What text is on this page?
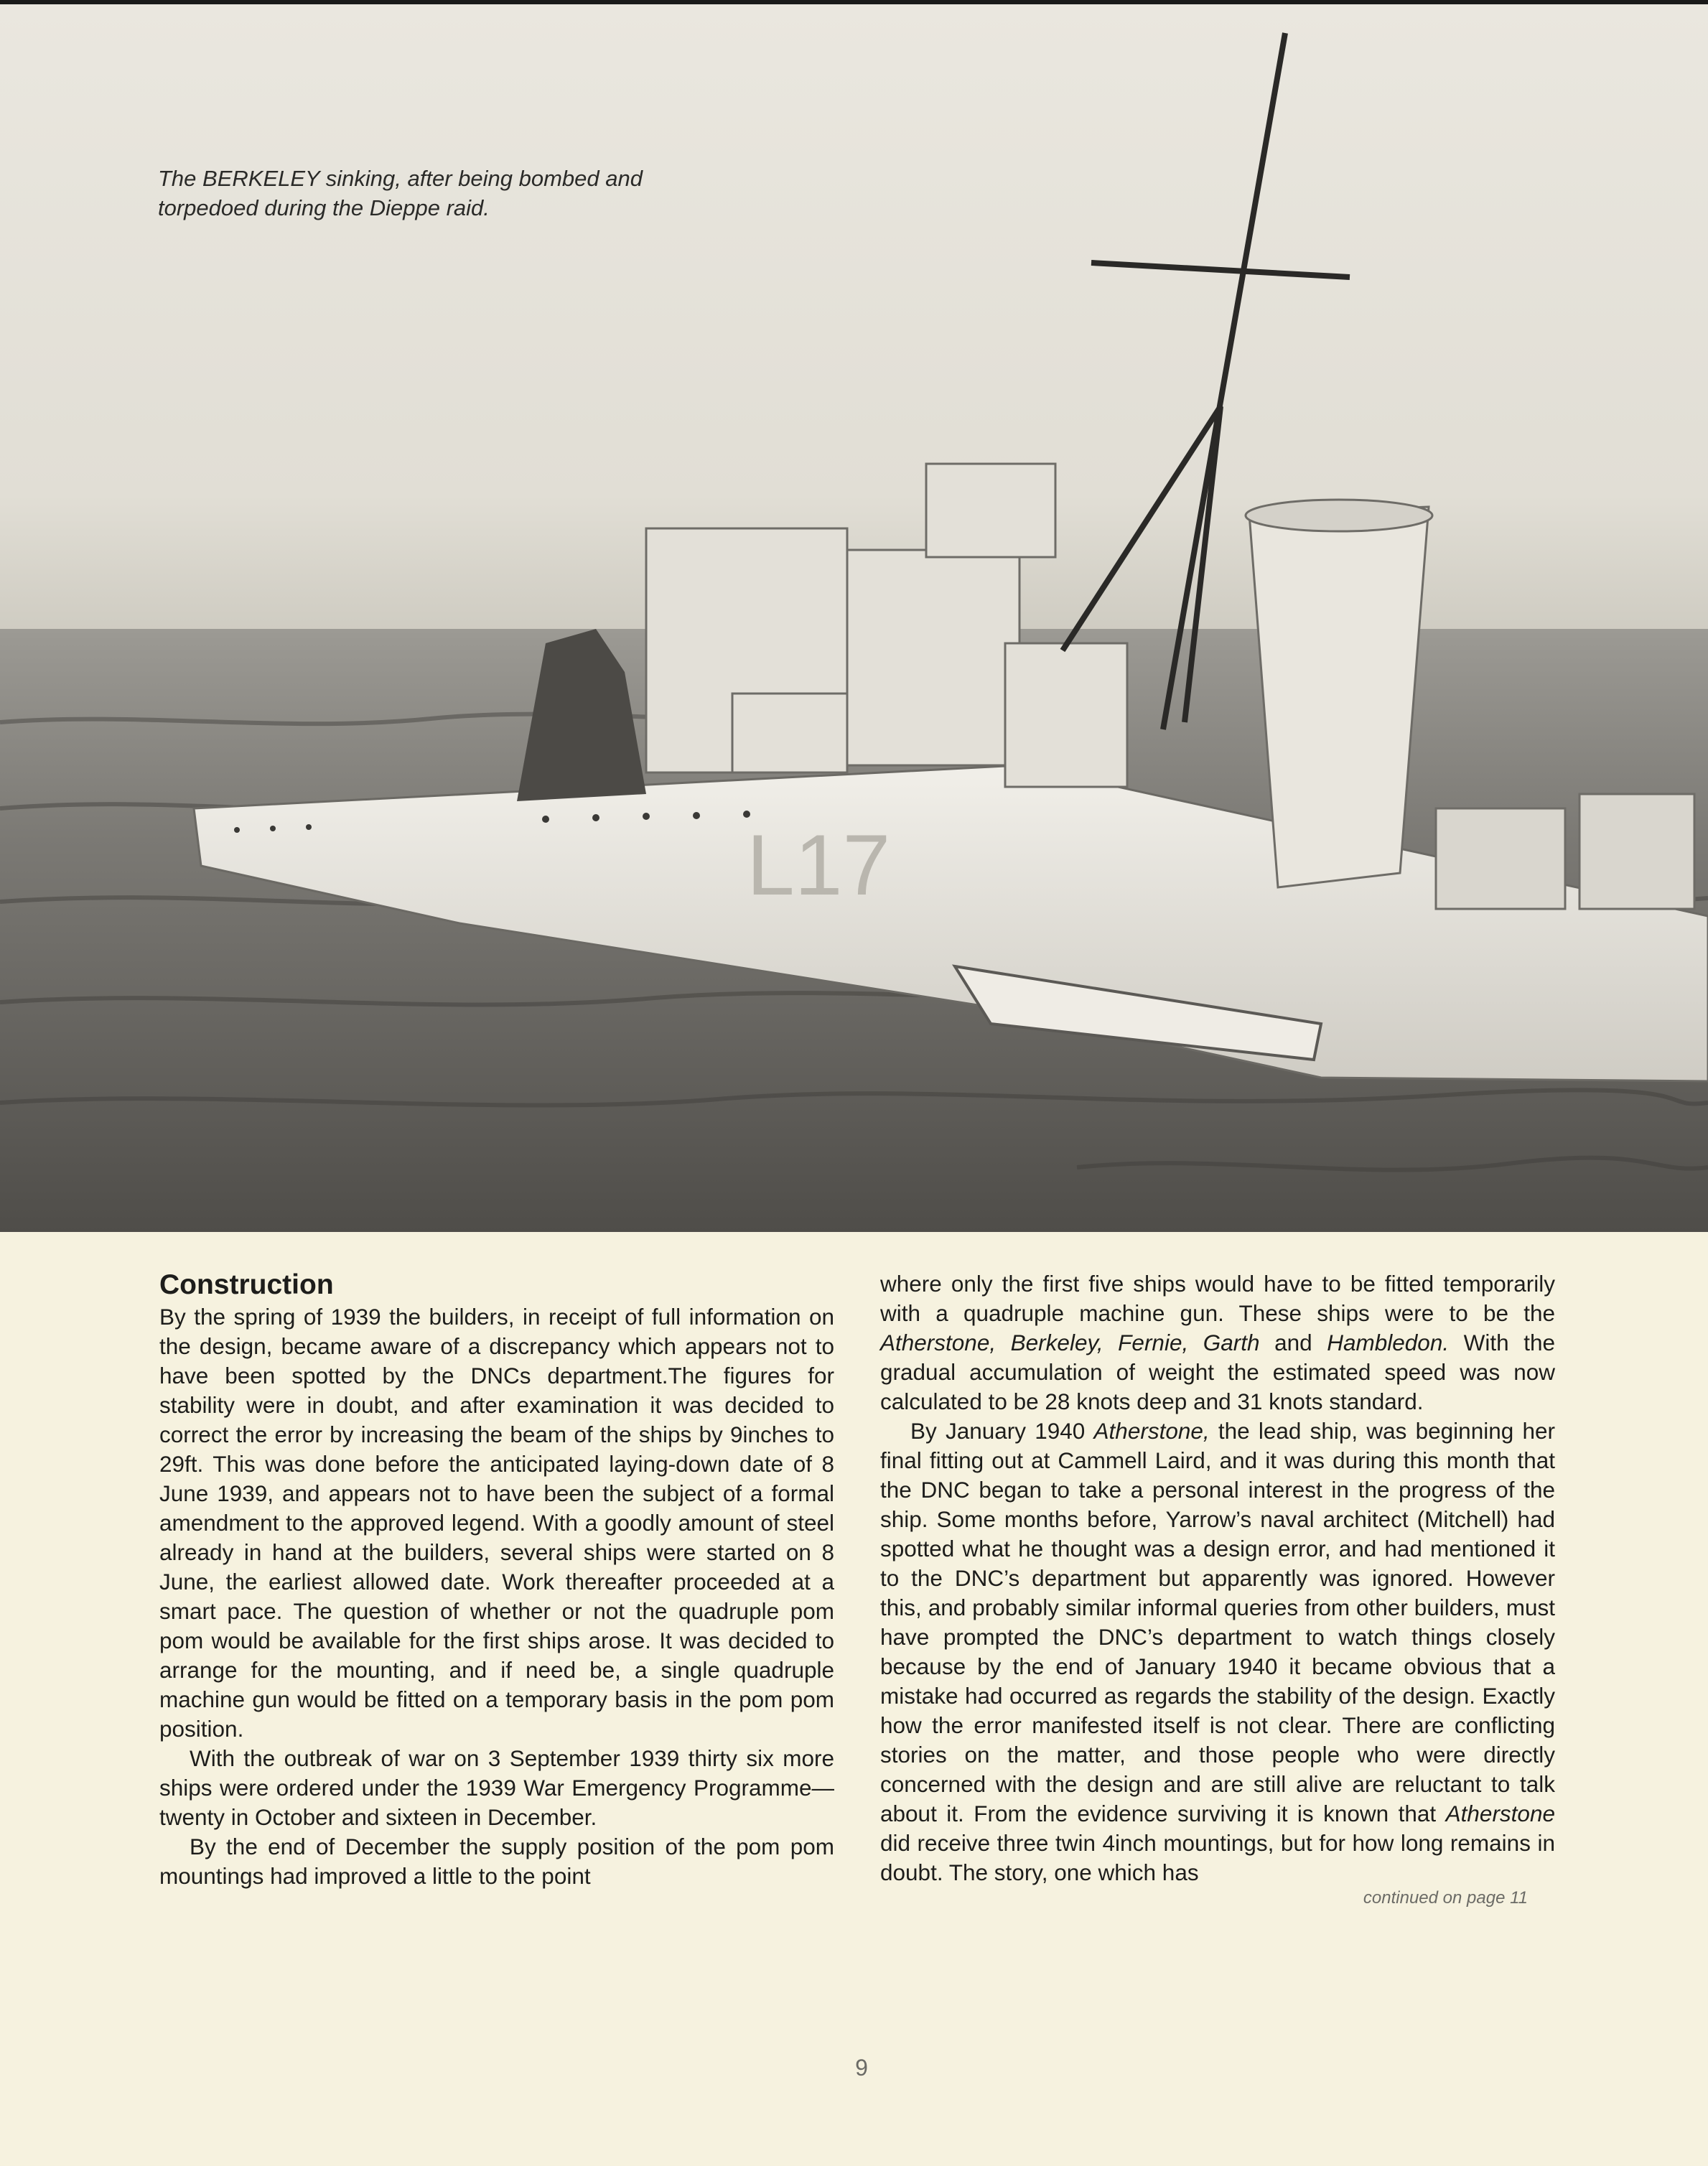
L17

The BERKELEY sinking, after being bombed and torpedoed during the Dieppe raid.

Construction

By the spring of 1939 the builders, in receipt of full information on the design, became aware of a discrepancy which appears not to have been spotted by the DNCs department.The figures for stability were in doubt, and after examination it was decided to correct the error by increasing the beam of the ships by 9inches to 29ft. This was done before the anticipated laying-down date of 8 June 1939, and appears not to have been the subject of a formal amendment to the approved legend. With a goodly amount of steel already in hand at the builders, several ships were started on 8 June, the earliest allowed date. Work thereafter proceeded at a smart pace. The question of whether or not the quadruple pom pom would be available for the first ships arose. It was decided to arrange for the mounting, and if need be, a single quadruple machine gun would be fitted on a temporary basis in the pom pom position.

With the outbreak of war on 3 September 1939 thirty six more ships were ordered under the 1939 War Emergency Programme—twenty in October and sixteen in December.

By the end of December the supply position of the pom pom mountings had improved a little to the point

where only the first five ships would have to be fitted temporarily with a quadruple machine gun. These ships were to be the Atherstone, Berkeley, Fernie, Garth and Hambledon. With the gradual accumulation of weight the estimated speed was now calculated to be 28 knots deep and 31 knots standard.

By January 1940 Atherstone, the lead ship, was beginning her final fitting out at Cammell Laird, and it was during this month that the DNC began to take a personal interest in the progress of the ship. Some months before, Yarrow’s naval architect (Mitchell) had spotted what he thought was a design error, and had mentioned it to the DNC’s department but apparently was ignored. However this, and probably similar informal queries from other builders, must have prompted the DNC’s department to watch things closely because by the end of January 1940 it became obvious that a mistake had occurred as regards the stability of the design. Exactly how the error manifested itself is not clear. There are conflicting stories on the matter, and those people who were directly concerned with the design and are still alive are reluctant to talk about it. From the evidence surviving it is known that Atherstone did receive three twin 4inch mountings, but for how long remains in doubt. The story, one which has

continued on page 11
9
